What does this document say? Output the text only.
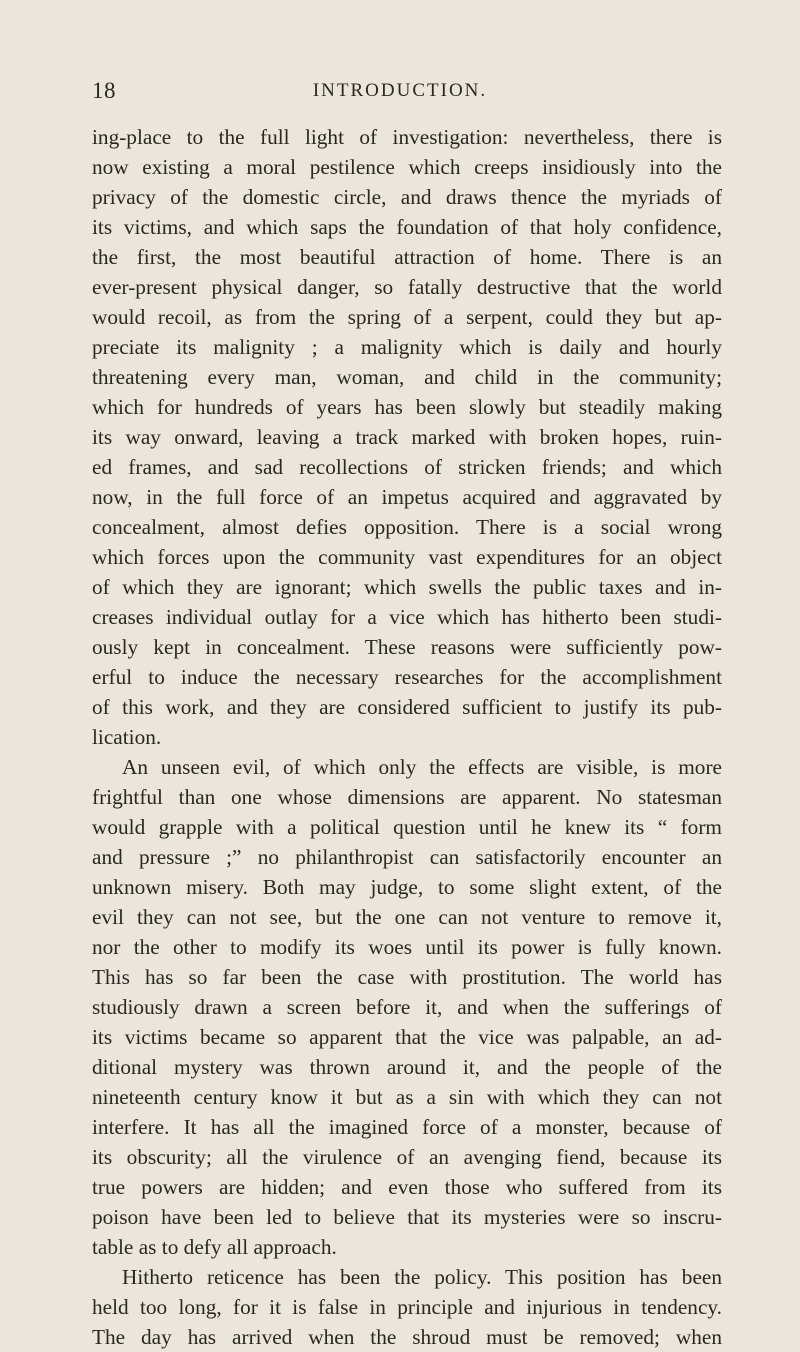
18	INTRODUCTION.
ing-place to the full light of investigation: nevertheless, there is
now existing a moral pestilence which creeps insidiously into the
privacy of the domestic circle, and draws thence the myriads of
its victims, and which saps the foundation of that holy confidence,
the first, the most beautiful attraction of home. There is an
ever-present physical danger, so fatally destructive that the world
would recoil, as from the spring of a serpent, could they but ap-
preciate its malignity ; a malignity which is daily and hourly
threatening every man, woman, and child in the community;
which for hundreds of years has been slowly but steadily making
its way onward, leaving a track marked with broken hopes, ruin-
ed frames, and sad recollections of stricken friends; and which
now, in the full force of an impetus acquired and aggravated by
concealment, almost defies opposition. There is a social wrong
which forces upon the community vast expenditures for an object
of which they are ignorant; which swells the public taxes and in-
creases individual outlay for a vice which has hitherto been studi-
ously kept in concealment. These reasons were sufficiently pow-
erful to induce the necessary researches for the accomplishment
of this work, and they are considered sufficient to justify its pub-
lication.
An unseen evil, of which only the effects are visible, is more
frightful than one whose dimensions are apparent. No statesman
would grapple with a political question until he knew its “ form
and pressure ;” no philanthropist can satisfactorily encounter an
unknown misery. Both may judge, to some slight extent, of the
evil they can not see, but the one can not venture to remove it,
nor the other to modify its woes until its power is fully known.
This has so far been the case with prostitution. The world has
studiously drawn a screen before it, and when the sufferings of
its victims became so apparent that the vice was palpable, an ad-
ditional mystery was thrown around it, and the people of the
nineteenth century know it but as a sin with which they can not
interfere. It has all the imagined force of a monster, because of
its obscurity; all the virulence of an avenging fiend, because its
true powers are hidden; and even those who suffered from its
poison have been led to believe that its mysteries were so inscru-
table as to defy all approach.
Hitherto reticence has been the policy. This position has been
held too long, for it is false in principle and injurious in tendency.
The day has arrived when the shroud must be removed; when
